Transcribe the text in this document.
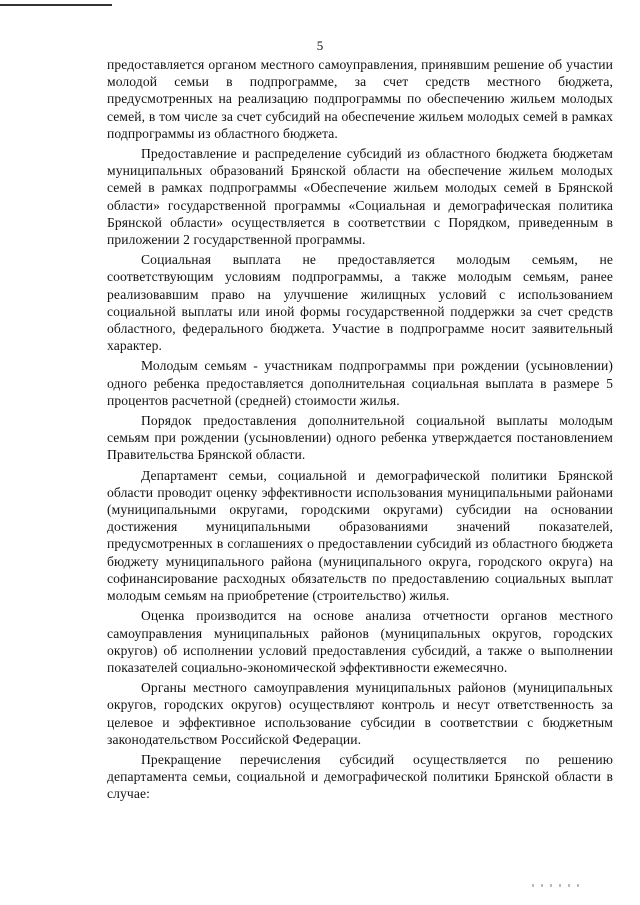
5

предоставляется органом местного самоуправления, принявшим решение об участии молодой семьи в подпрограмме, за счет средств местного бюджета, предусмотренных на реализацию подпрограммы по обеспечению жильем молодых семей, в том числе за счет субсидий на обеспечение жильем молодых семей в рамках подпрограммы из областного бюджета.

Предоставление и распределение субсидий из областного бюджета бюджетам муниципальных образований Брянской области на обеспечение жильем молодых семей в рамках подпрограммы «Обеспечение жильем молодых семей в Брянской области» государственной программы «Социальная и демографическая политика Брянской области» осуществляется в соответствии с Порядком, приведенным в приложении 2 государственной программы.

Социальная выплата не предоставляется молодым семьям, не соответствующим условиям подпрограммы, а также молодым семьям, ранее реализовавшим право на улучшение жилищных условий с использованием социальной выплаты или иной формы государственной поддержки за счет средств областного, федерального бюджета. Участие в подпрограмме носит заявительный характер.

Молодым семьям - участникам подпрограммы при рождении (усыновлении) одного ребенка предоставляется дополнительная социальная выплата в размере 5 процентов расчетной (средней) стоимости жилья.

Порядок предоставления дополнительной социальной выплаты молодым семьям при рождении (усыновлении) одного ребенка утверждается постановлением Правительства Брянской области.

Департамент семьи, социальной и демографической политики Брянской области проводит оценку эффективности использования муниципальными районами (муниципальными округами, городскими округами) субсидии на основании достижения муниципальными образованиями значений показателей, предусмотренных в соглашениях о предоставлении субсидий из областного бюджета бюджету муниципального района (муниципального округа, городского округа) на софинансирование расходных обязательств по предоставлению социальных выплат молодым семьям на приобретение (строительство) жилья.

Оценка производится на основе анализа отчетности органов местного самоуправления муниципальных районов (муниципальных округов, городских округов) об исполнении условий предоставления субсидий, а также о выполнении показателей социально-экономической эффективности ежемесячно.

Органы местного самоуправления муниципальных районов (муниципальных округов, городских округов) осуществляют контроль и несут ответственность за целевое и эффективное использование субсидии в соответствии с бюджетным законодательством Российской Федерации.

Прекращение перечисления субсидий осуществляется по решению департамента семьи, социальной и демографической политики Брянской области в случае:
